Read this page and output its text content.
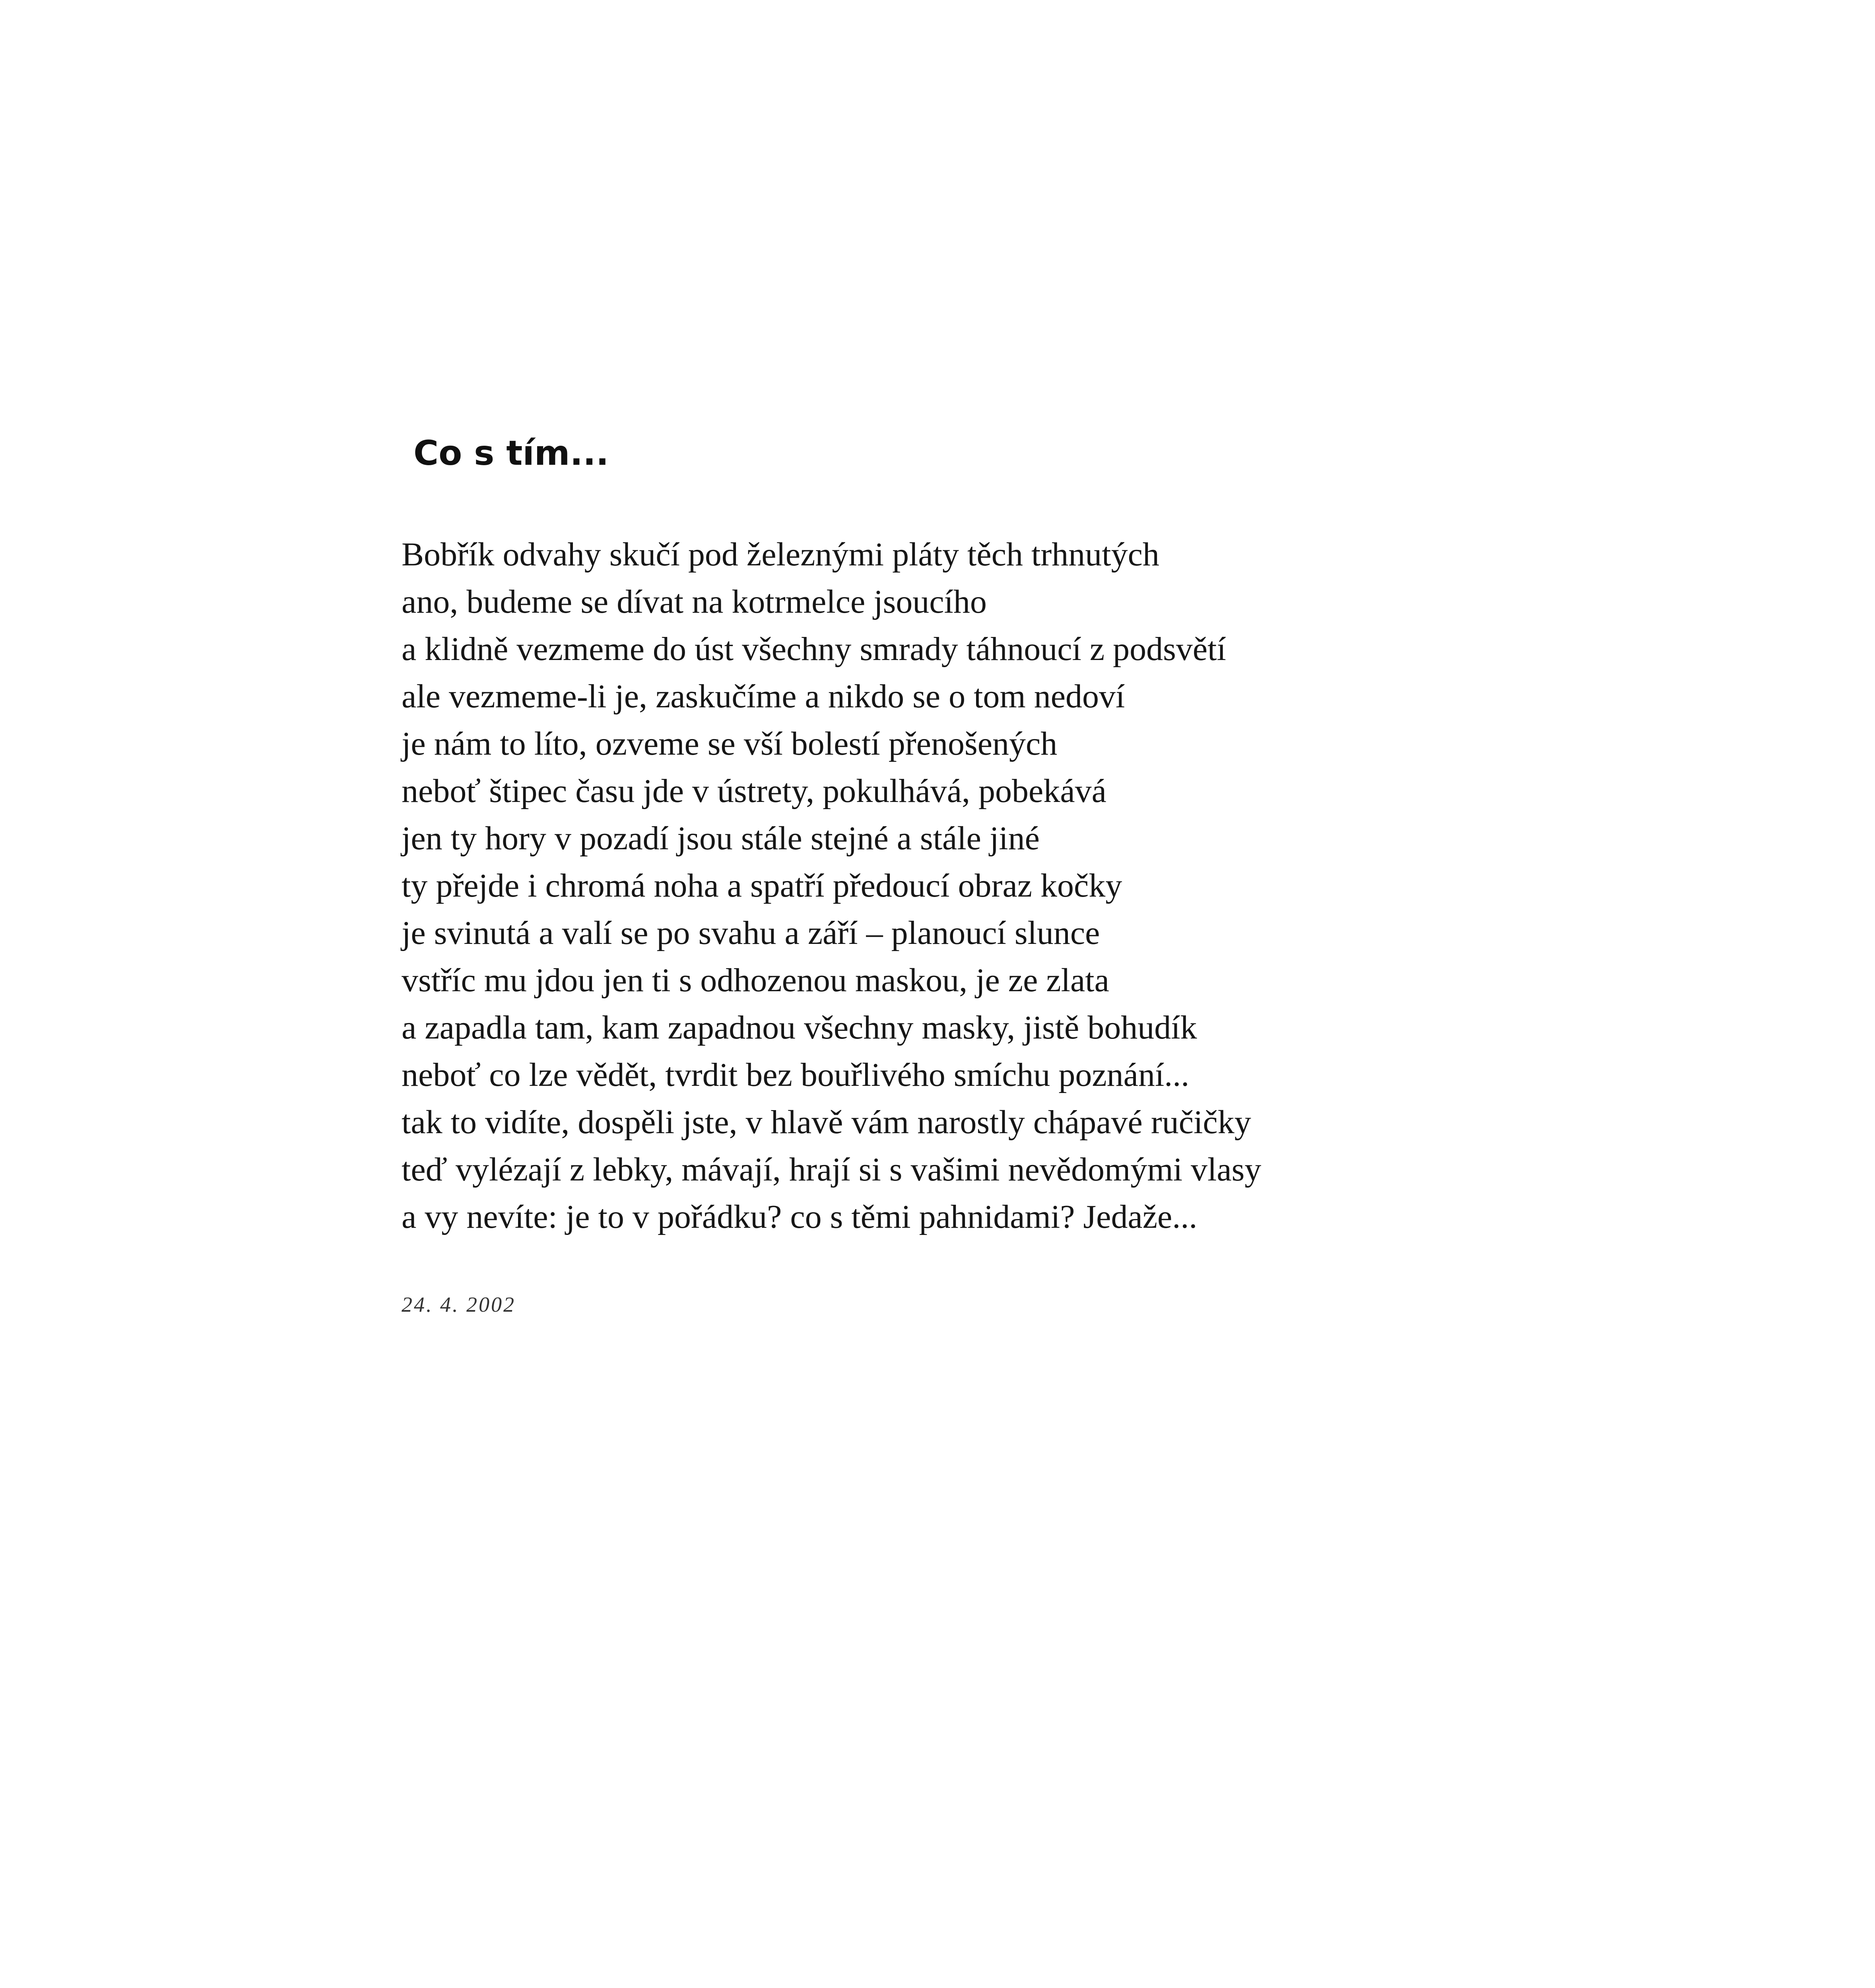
Co s tím...
Bobřík odvahy skučí pod železnými pláty těch trhnutých
ano, budeme se dívat na kotrmelce jsoucího
a klidně vezmeme do úst všechny smrady táhnoucí z podsvětí
ale vezmeme-li je, zaskučíme a nikdo se o tom nedoví
je nám to líto, ozveme se vší bolestí přenošených
neboť štipec času jde v ústrety, pokulhává, pobekává
jen ty hory v pozadí jsou stále stejné a stále jiné
ty přejde i chromá noha a spatří předoucí obraz kočky
je svinutá a valí se po svahu a září – planoucí slunce
vstříc mu jdou jen ti s odhozenou maskou, je ze zlata
a zapadla tam, kam zapadnou všechny masky, jistě bohudík
neboť co lze vědět, tvrdit bez bouřlivého smíchu poznání...
tak to vidíte, dospěli jste, v hlavě vám narostly chápavé ručičky
teď vylézají z lebky, mávají, hrají si s vašimi nevědomými vlasy
a vy nevíte: je to v pořádku? co s těmi pahnidami? Jedaže...
24. 4. 2002
